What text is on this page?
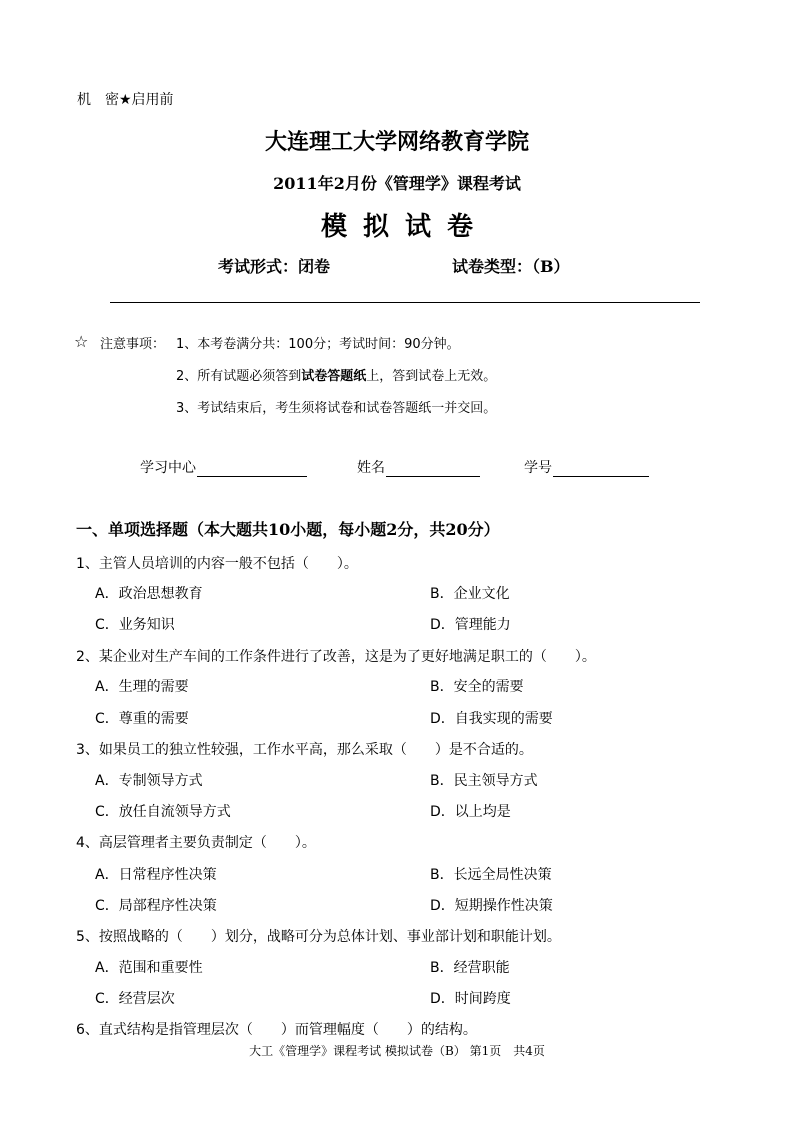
机　密★启用前
大连理工大学网络教育学院
2011年2月份《管理学》课程考试
模拟试卷
考试形式：闭卷	试卷类型：（B）
☆ 注意事项： 1、本考卷满分共：100分；考试时间：90分钟。
2、所有试题必须答到试卷答题纸上，答到试卷上无效。
3、考试结束后，考生须将试卷和试卷答题纸一并交回。
学习中心	姓名	学号
一、单项选择题（本大题共10小题，每小题2分，共20分）
1、主管人员培训的内容一般不包括（　　）。
A．政治思想教育	B．企业文化
C．业务知识	D．管理能力
2、某企业对生产车间的工作条件进行了改善，这是为了更好地满足职工的（　　）。
A．生理的需要	B．安全的需要
C．尊重的需要	D．自我实现的需要
3、如果员工的独立性较强，工作水平高，那么采取（　　）是不合适的。
A．专制领导方式	B．民主领导方式
C．放任自流领导方式	D．以上均是
4、高层管理者主要负责制定（　　）。
A．日常程序性决策	B．长远全局性决策
C．局部程序性决策	D．短期操作性决策
5、按照战略的（　　）划分，战略可分为总体计划、事业部计划和职能计划。
A．范围和重要性	B．经营职能
C．经营层次	D．时间跨度
6、直式结构是指管理层次（　　）而管理幅度（　　）的结构。
大工《管理学》课程考试 模拟试卷（B） 第1页　共4页
